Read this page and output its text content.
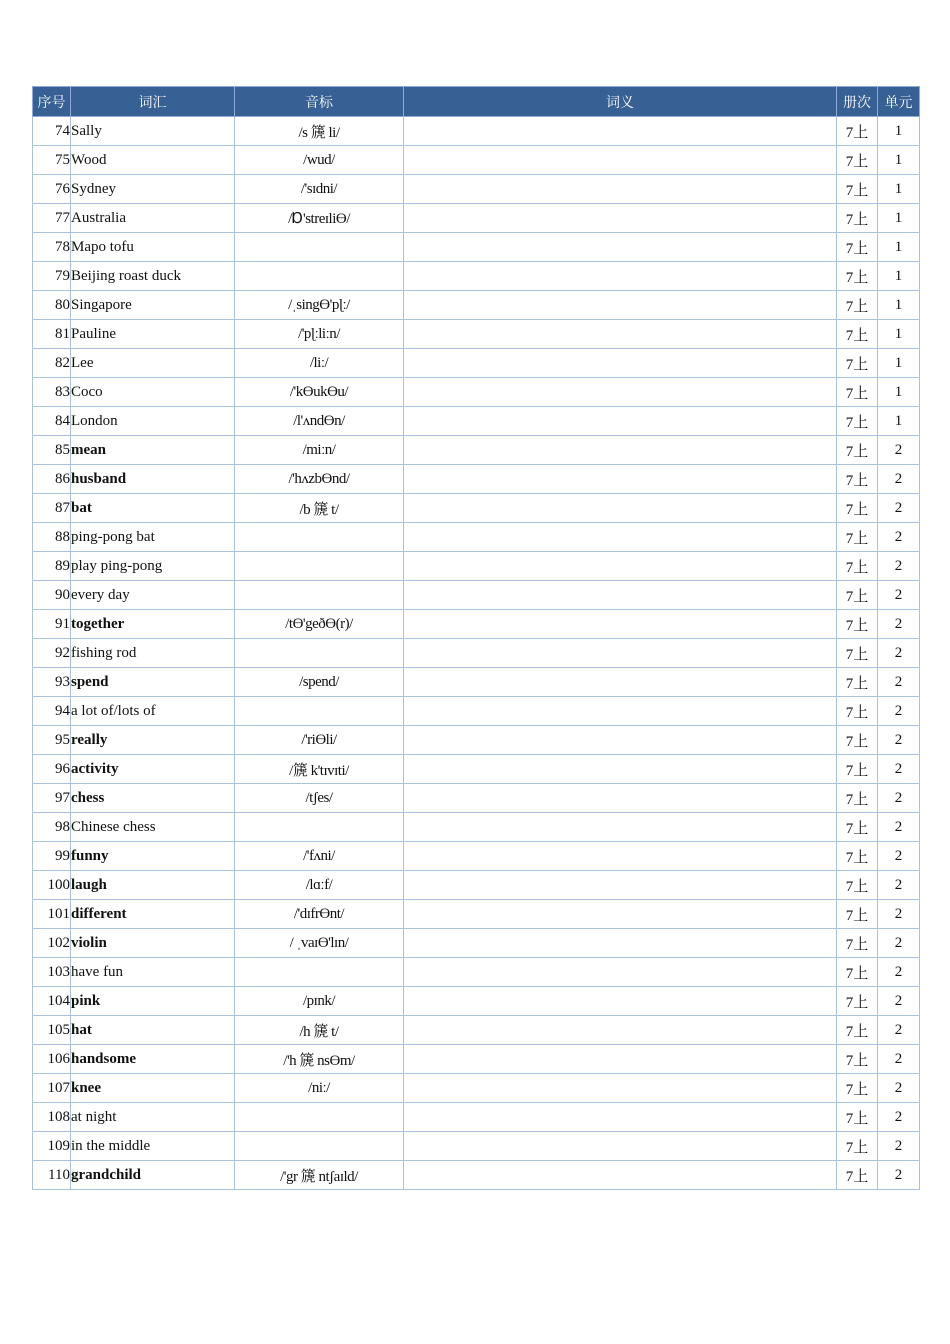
序号	词汇	音标	词义	册次	单元
74	Sally	/s 篪 li/		7上	1
75	Wood	/wud/		7上	1
76	Sydney	/'sɪdni/		7上	1
77	Australia	/Ɒ'streɪliƟ/		7上	1
78	Mapo tofu			7上	1
79	Beijing roast duck			7上	1
80	Singapore	/ˌsingƟ'pɭː/		7上	1
81	Pauline	/'pɭːliːn/		7上	1
82	Lee	/liː/		7上	1
83	Coco	/'kƟukƟu/		7上	1
84	London	/l'ʌndƟn/		7上	1
85	mean	/miːn/		7上	2
86	husband	/'hʌzbƟnd/		7上	2
87	bat	/b 篪 t/		7上	2
88	ping-pong bat			7上	2
89	play ping-pong			7上	2
90	every day			7上	2
91	together	/tƟ'geðƟ(r)/		7上	2
92	fishing rod			7上	2
93	spend	/spend/		7上	2
94	a lot of/lots of			7上	2
95	really	/'riƟli/		7上	2
96	activity	/篪 k'tɪvɪti/		7上	2
97	chess	/tʃes/		7上	2
98	Chinese chess			7上	2
99	funny	/'fʌni/		7上	2
100	laugh	/lɑːf/		7上	2
101	different	/'dɪfrƟnt/		7上	2
102	violin	/ ˌvaɪƟ'lɪn/		7上	2
103	have fun			7上	2
104	pink	/pɪnk/		7上	2
105	hat	/h 篪 t/		7上	2
106	handsome	/'h 篪 nsƟm/		7上	2
107	knee	/niː/		7上	2
108	at night			7上	2
109	in the middle			7上	2
110	grandchild	/'gr 篪 ntʃaɪld/		7上	2
